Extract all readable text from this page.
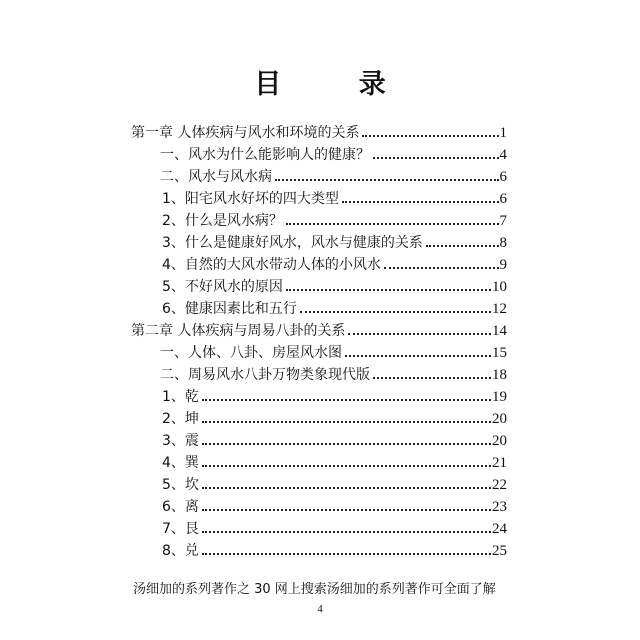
目 录
第一章 人体疾病与风水和环境的关系	1
一、风水为什么能影响人的健康？	4
二、风水与风水病	6
1、阳宅风水好坏的四大类型	6
2、什么是风水病？	7
3、什么是健康好风水，风水与健康的关系	8
4、自然的大风水带动人体的小风水	9
5、不好风水的原因	10
6、健康因素比和五行	12
第二章 人体疾病与周易八卦的关系	14
一、人体、八卦、房屋风水图	15
二、周易风水八卦万物类象现代版	18
1、乾	19
2、坤	20
3、震	20
4、巽	21
5、坎	22
6、离	23
7、艮	24
8、兑	25
汤细加的系列著作之 30 网上搜索汤细加的系列著作可全面了解
4
